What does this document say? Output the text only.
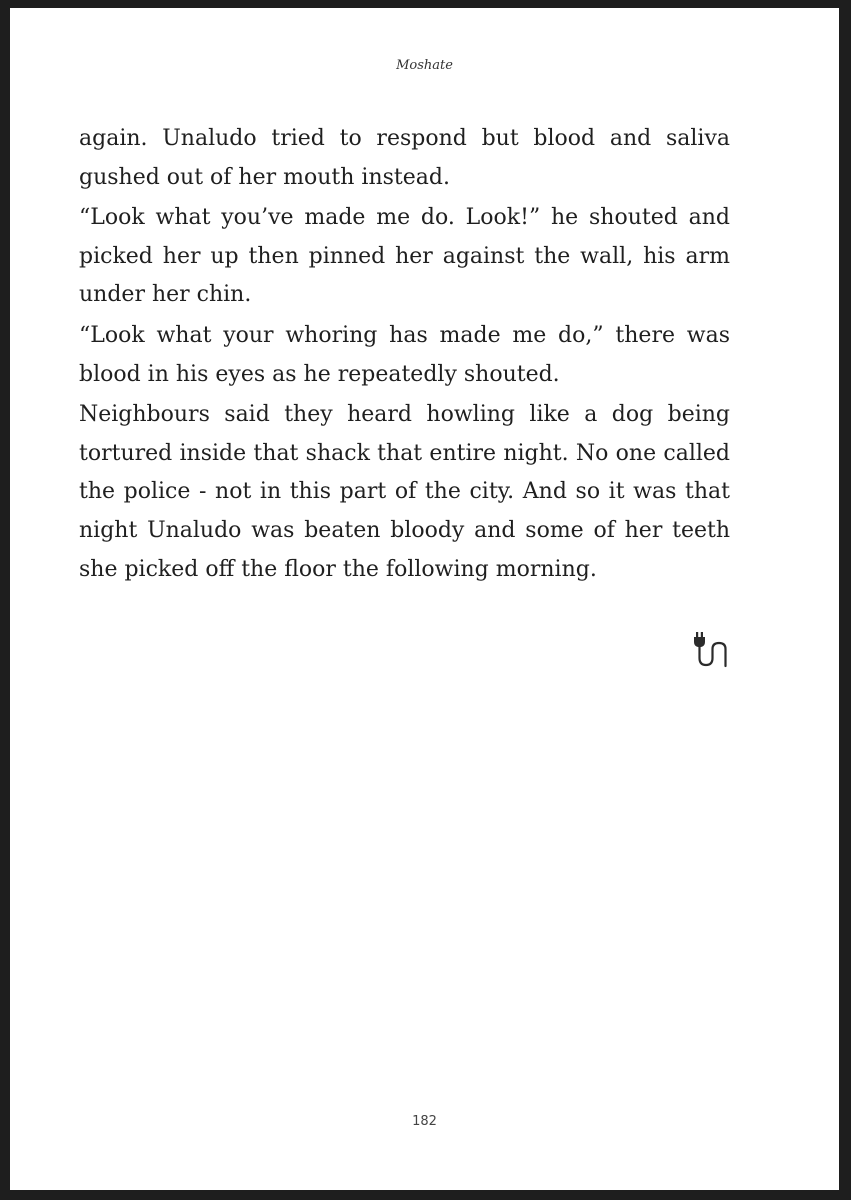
Moshate

again. Unaludo tried to respond but blood and saliva gushed out of her mouth instead.

“Look what you’ve made me do. Look!” he shouted and picked her up then pinned her against the wall, his arm under her chin.

“Look what your whoring has made me do,” there was blood in his eyes as he repeatedly shouted.

Neighbours said they heard howling like a dog being tortured inside that shack that entire night. No one called the police - not in this part of the city. And so it was that night Unaludo was beaten bloody and some of her teeth she picked off the floor the following morning.

182
